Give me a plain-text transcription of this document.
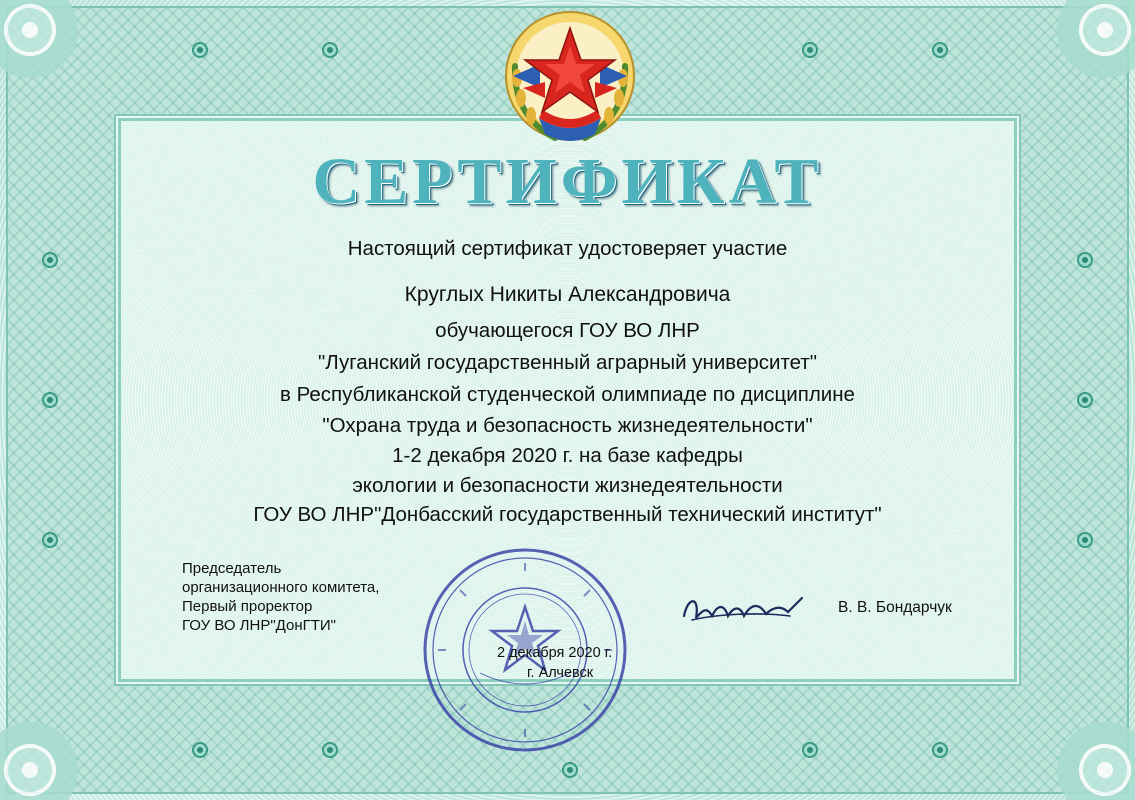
СЕРТИФИКАТ
Настоящий сертификат удостоверяет участие
Круглых Никиты Александровича
обучающегося ГОУ ВО ЛНР
"Луганский государственный аграрный университет"
в Республиканской студенческой олимпиаде по дисциплине
"Охрана труда и безопасность жизнедеятельности"
1-2 декабря 2020 г. на базе кафедры
экологии и безопасности жизнедеятельности
ГОУ ВО ЛНР"Донбасский государственный технический институт"
Председатель
организационного комитета,
Первый проректор
ГОУ ВО ЛНР"ДонГТИ"
2 декабря 2020 г.
г. Алчевск
В. В. Бондарчук
